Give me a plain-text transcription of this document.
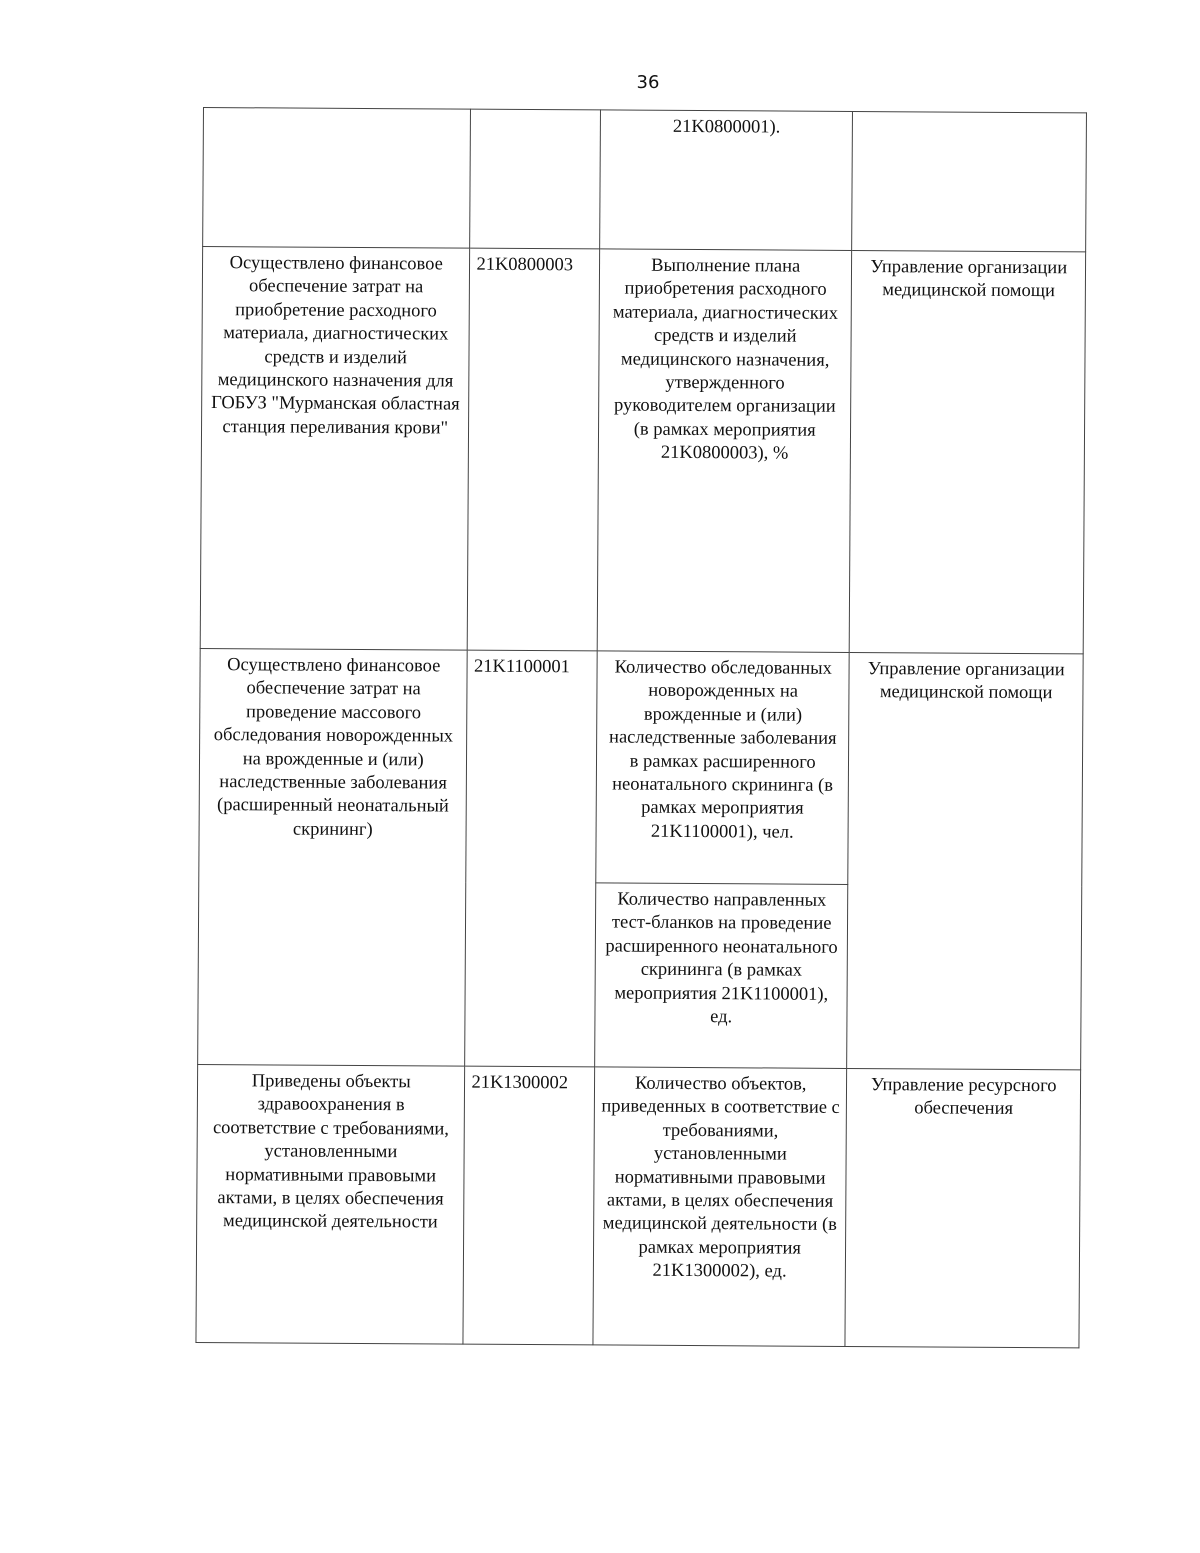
36
		21K0800001).	
Осуществлено финансовое обеспечение затрат на приобретение расходного материала, диагностических средств и изделий медицинского назначения для ГОБУЗ "Мурманская областная станция переливания крови"	21K0800003	Выполнение плана приобретения расходного материала, диагностических средств и изделий медицинского назначения, утвержденного руководителем организации (в рамках мероприятия 21K0800003), %	Управление организации медицинской помощи
Осуществлено финансовое обеспечение затрат на проведение массового обследования новорожденных на врожденные и (или) наследственные заболевания (расширенный неонатальный скрининг)	21K1100001	Количество обследованных новорожденных на врожденные и (или) наследственные заболевания в рамках расширенного неонатального скрининга (в рамках мероприятия 21K1100001), чел.	Управление организации медицинской помощи
		Количество направленных тест-бланков на проведение расширенного неонатального скрининга (в рамках мероприятия 21K1100001), ед.	
Приведены объекты здравоохранения в соответствие с требованиями, установленными нормативными правовыми актами, в целях обеспечения медицинской деятельности	21K1300002	Количество объектов, приведенных в соответствие с требованиями, установленными нормативными правовыми актами, в целях обеспечения медицинской деятельности (в рамках мероприятия 21K1300002), ед.	Управление ресурсного обеспечения
